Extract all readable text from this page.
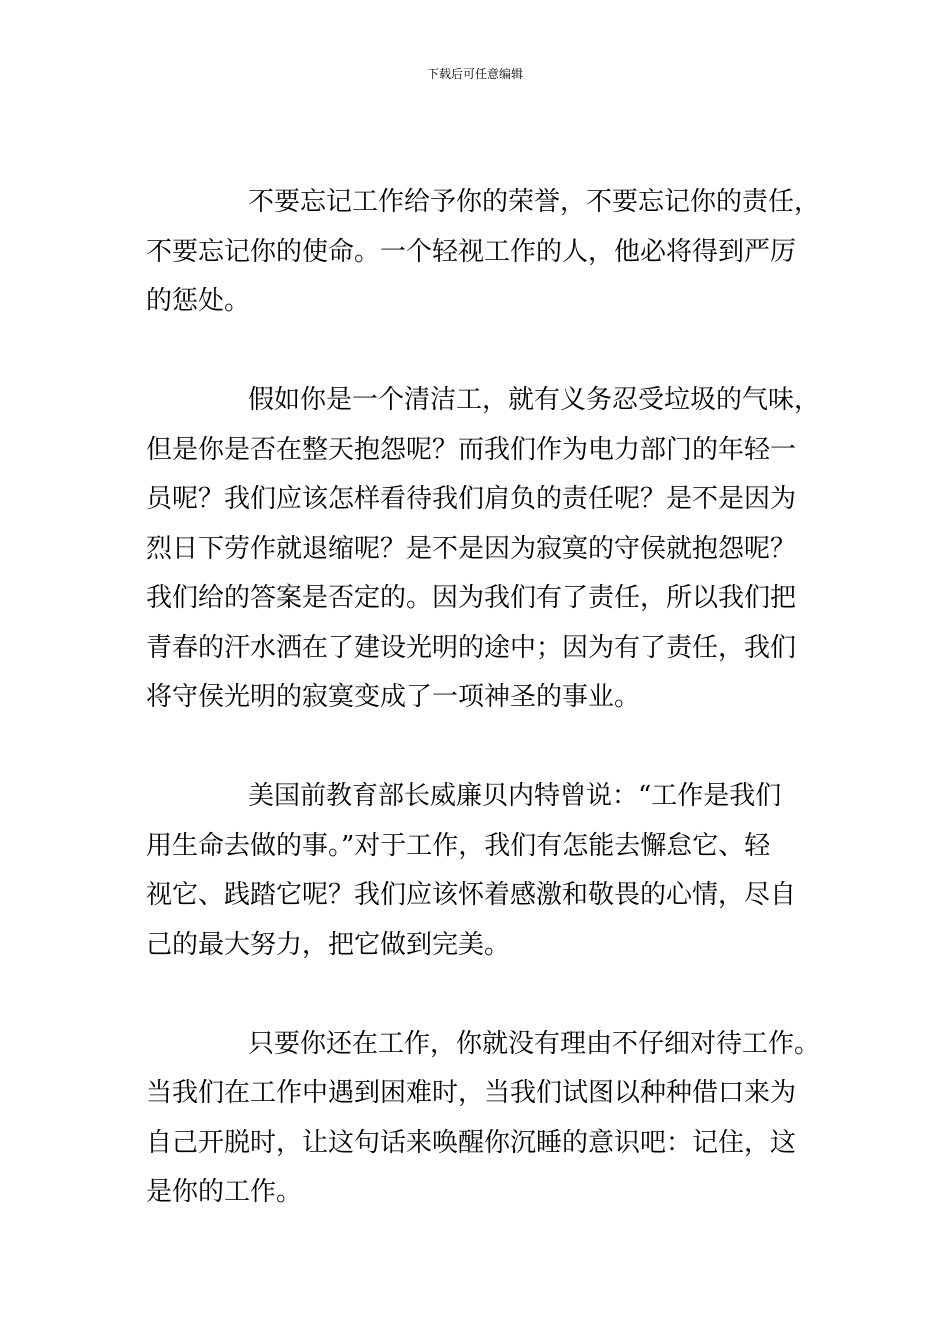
下载后可任意编辑
不要忘记工作给予你的荣誉，不要忘记你的责任，
不要忘记你的使命。一个轻视工作的人，他必将得到严厉
的惩处。
假如你是一个清洁工，就有义务忍受垃圾的气味，
但是你是否在整天抱怨呢？而我们作为电力部门的年轻一
员呢？我们应该怎样看待我们肩负的责任呢？是不是因为
烈日下劳作就退缩呢？是不是因为寂寞的守侯就抱怨呢？
我们给的答案是否定的。因为我们有了责任，所以我们把
青春的汗水洒在了建设光明的途中；因为有了责任，我们
将守侯光明的寂寞变成了一项神圣的事业。
美国前教育部长威廉贝内特曾说：“工作是我们
用生命去做的事。”对于工作，我们有怎能去懈怠它、轻
视它、践踏它呢？我们应该怀着感激和敬畏的心情，尽自
己的最大努力，把它做到完美。
只要你还在工作，你就没有理由不仔细对待工作。
当我们在工作中遇到困难时，当我们试图以种种借口来为
自己开脱时，让这句话来唤醒你沉睡的意识吧：记住，这
是你的工作。
